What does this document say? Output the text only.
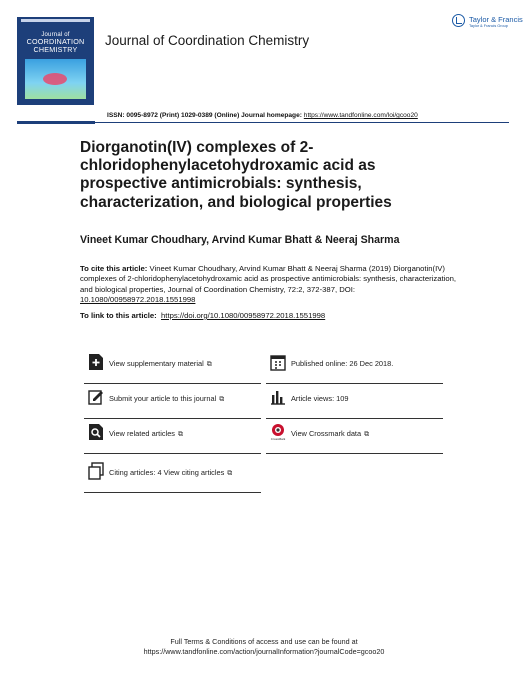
Journal of
COORDINATION
CHEMISTRY
Journal of Coordination Chemistry
Taylor & Francis
Taylor & Francis Group
ISSN: 0095-8972 (Print) 1029-0389 (Online) Journal homepage: https://www.tandfonline.com/loi/gcoo20
Diorganotin(IV) complexes of 2-chloridophenylacetohydroxamic acid as prospective antimicrobials: synthesis, characterization, and biological properties
Vineet Kumar Choudhary, Arvind Kumar Bhatt & Neeraj Sharma
To cite this article: Vineet Kumar Choudhary, Arvind Kumar Bhatt & Neeraj Sharma (2019) Diorganotin(IV) complexes of 2-chloridophenylacetohydroxamic acid as prospective antimicrobials: synthesis, characterization, and biological properties, Journal of Coordination Chemistry, 72:2, 372-387, DOI: 10.1080/00958972.2018.1551998
To link to this article: https://doi.org/10.1080/00958972.2018.1551998
View supplementary material ⧉
Submit your article to this journal ⧉
View related articles ⧉
Citing articles: 4 View citing articles ⧉
Published online: 26 Dec 2018.
Article views: 109
CrossMark
View Crossmark data ⧉
Full Terms & Conditions of access and use can be found at
https://www.tandfonline.com/action/journalInformation?journalCode=gcoo20
